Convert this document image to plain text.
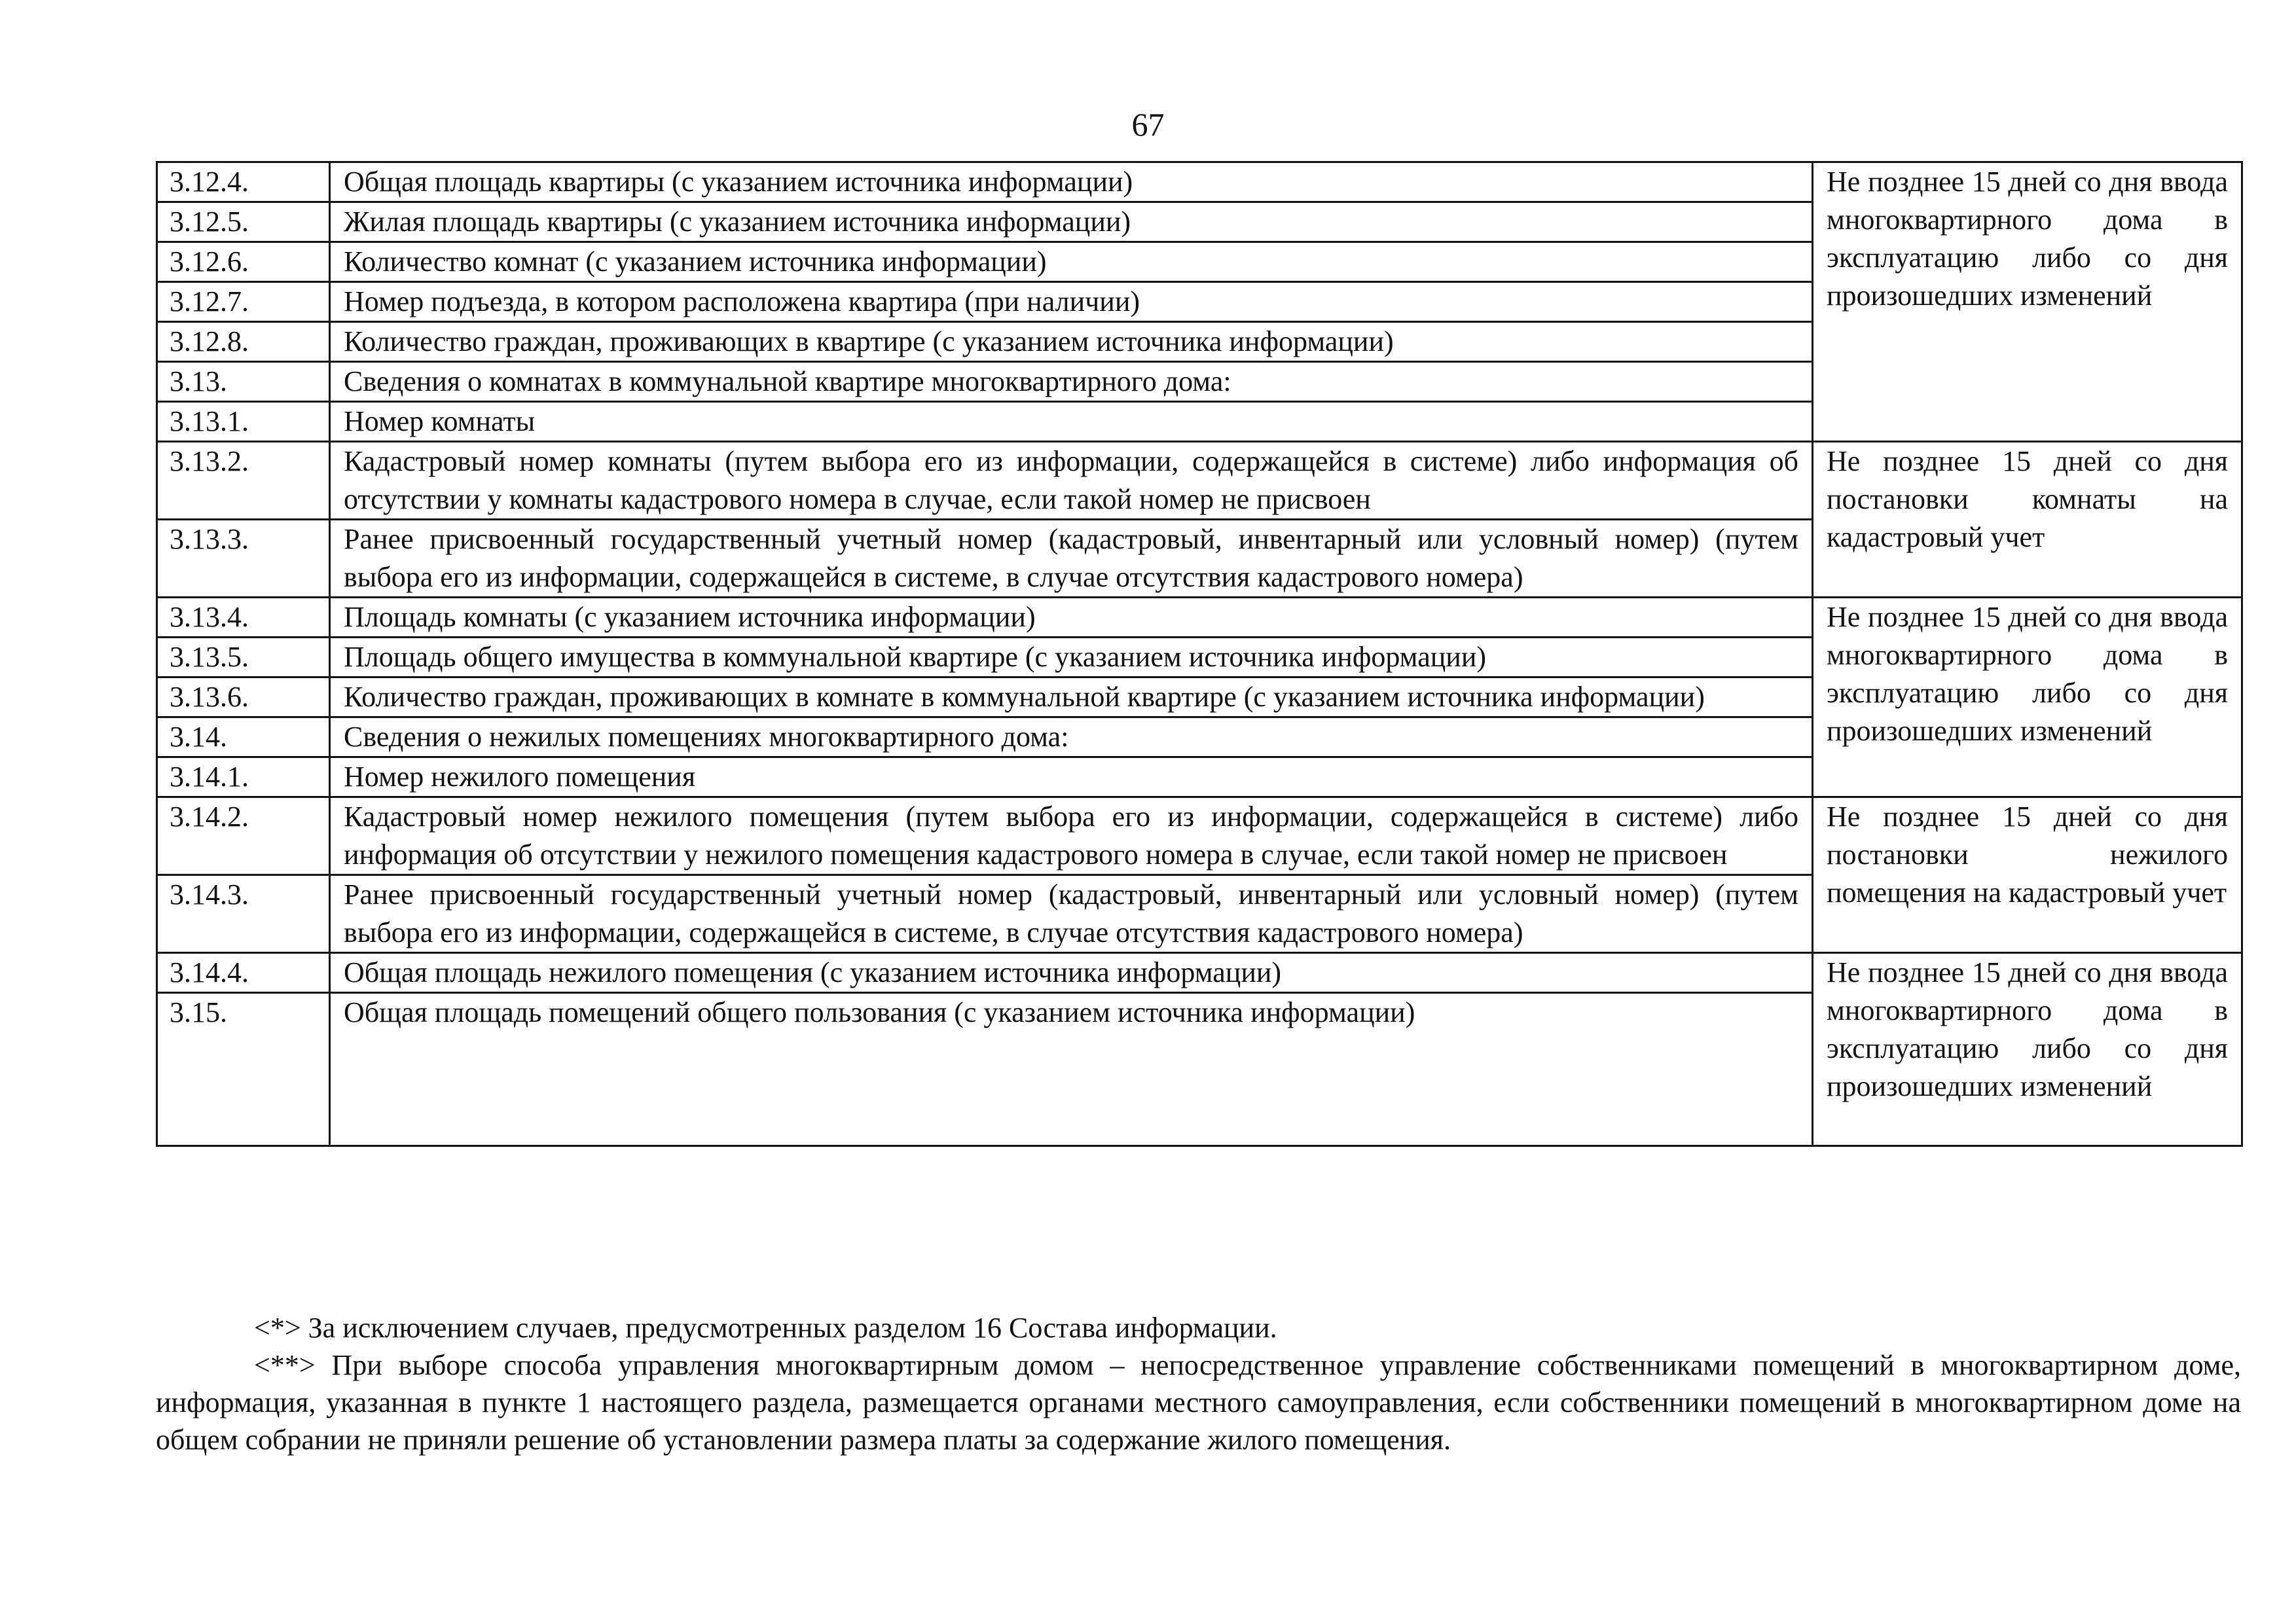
67
3.12.4.	Общая площадь квартиры (с указанием источника информации)	Не позднее 15 дней со дня ввода многоквартирного дома в эксплуатацию либо со дня произошедших изменений
3.12.5.	Жилая площадь квартиры (с указанием источника информации)	
3.12.6.	Количество комнат (с указанием источника информации)	
3.12.7.	Номер подъезда, в котором расположена квартира (при наличии)	
3.12.8.	Количество граждан, проживающих в квартире (с указанием источника информации)	
3.13.	Сведения о комнатах в коммунальной квартире многоквартирного дома:	
3.13.1.	Номер комнаты	
3.13.2.	Кадастровый номер комнаты (путем выбора его из информации, содержащейся в системе) либо информация об отсутствии у комнаты кадастрового номера в случае, если такой номер не присвоен	Не позднее 15 дней со дня постановки комнаты на кадастровый учет
3.13.3.	Ранее присвоенный государственный учетный номер (кадастровый, инвентарный или условный номер) (путем выбора его из информации, содержащейся в системе, в случае отсутствия кадастрового номера)	
3.13.4.	Площадь комнаты (с указанием источника информации)	Не позднее 15 дней со дня ввода многоквартирного дома в эксплуатацию либо со дня произошедших изменений
3.13.5.	Площадь общего имущества в коммунальной квартире (с указанием источника информации)	
3.13.6.	Количество граждан, проживающих в комнате в коммунальной квартире (с указанием источника информации)	
3.14.	Сведения о нежилых помещениях многоквартирного дома:	
3.14.1.	Номер нежилого помещения	
3.14.2.	Кадастровый номер нежилого помещения (путем выбора его из информации, содержащейся в системе) либо информация об отсутствии у нежилого помещения кадастрового номера в случае, если такой номер не присвоен	Не позднее 15 дней со дня постановки нежилого помещения на кадастровый учет
3.14.3.	Ранее присвоенный государственный учетный номер (кадастровый, инвентарный или условный номер) (путем выбора его из информации, содержащейся в системе, в случае отсутствия кадастрового номера)	
3.14.4.	Общая площадь нежилого помещения (с указанием источника информации)	Не позднее 15 дней со дня ввода многоквартирного дома в эксплуатацию либо со дня произошедших изменений
3.15.	Общая площадь помещений общего пользования (с указанием источника информации)	

<*> За исключением случаев, предусмотренных разделом 16 Состава информации.

<**> При выборе способа управления многоквартирным домом – непосредственное управление собственниками помещений в многоквартирном доме, информация, указанная в пункте 1 настоящего раздела, размещается органами местного самоуправления, если собственники помещений в многоквартирном доме на общем собрании не приняли решение об установлении размера платы за содержание жилого помещения.
